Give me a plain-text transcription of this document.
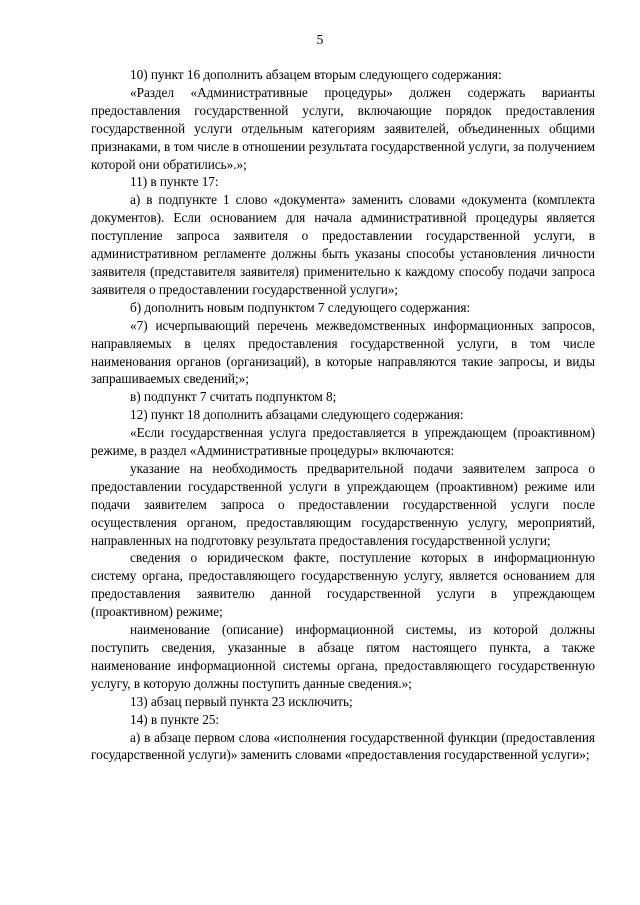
5

10) пункт 16 дополнить абзацем вторым следующего содержания:

«Раздел «Административные процедуры» должен содержать варианты предоставления государственной услуги, включающие порядок предоставления государственной услуги отдельным категориям заявителей, объединенных общими признаками, в том числе в отношении результата государственной услуги, за получением которой они обратились».»;

11) в пункте 17:

а) в подпункте 1 слово «документа» заменить словами «документа (комплекта документов). Если основанием для начала административной процедуры является поступление запроса заявителя о предоставлении государственной услуги, в административном регламенте должны быть указаны способы установления личности заявителя (представителя заявителя) применительно к каждому способу подачи запроса заявителя о предоставлении государственной услуги»;

б) дополнить новым подпунктом 7 следующего содержания:

«7) исчерпывающий перечень межведомственных информационных запросов, направляемых в целях предоставления государственной услуги, в том числе наименования органов (организаций), в которые направляются такие запросы, и виды запрашиваемых сведений;»;

в) подпункт 7 считать подпунктом 8;

12) пункт 18 дополнить абзацами следующего содержания:

«Если государственная услуга предоставляется в упреждающем (проактивном) режиме, в раздел «Административные процедуры» включаются:

указание на необходимость предварительной подачи заявителем запроса о предоставлении государственной услуги в упреждающем (проактивном) режиме или подачи заявителем запроса о предоставлении государственной услуги после осуществления органом, предоставляющим государственную услугу, мероприятий, направленных на подготовку результата предоставления государственной услуги;

сведения о юридическом факте, поступление которых в информационную систему органа, предоставляющего государственную услугу, является основанием для предоставления заявителю данной государственной услуги в упреждающем (проактивном) режиме;

наименование (описание) информационной системы, из которой должны поступить сведения, указанные в абзаце пятом настоящего пункта, а также наименование информационной системы органа, предоставляющего государственную услугу, в которую должны поступить данные сведения.»;

13) абзац первый пункта 23 исключить;

14) в пункте 25:

а) в абзаце первом слова «исполнения государственной функции (предоставления государственной услуги)» заменить словами «предоставления государственной услуги»;
